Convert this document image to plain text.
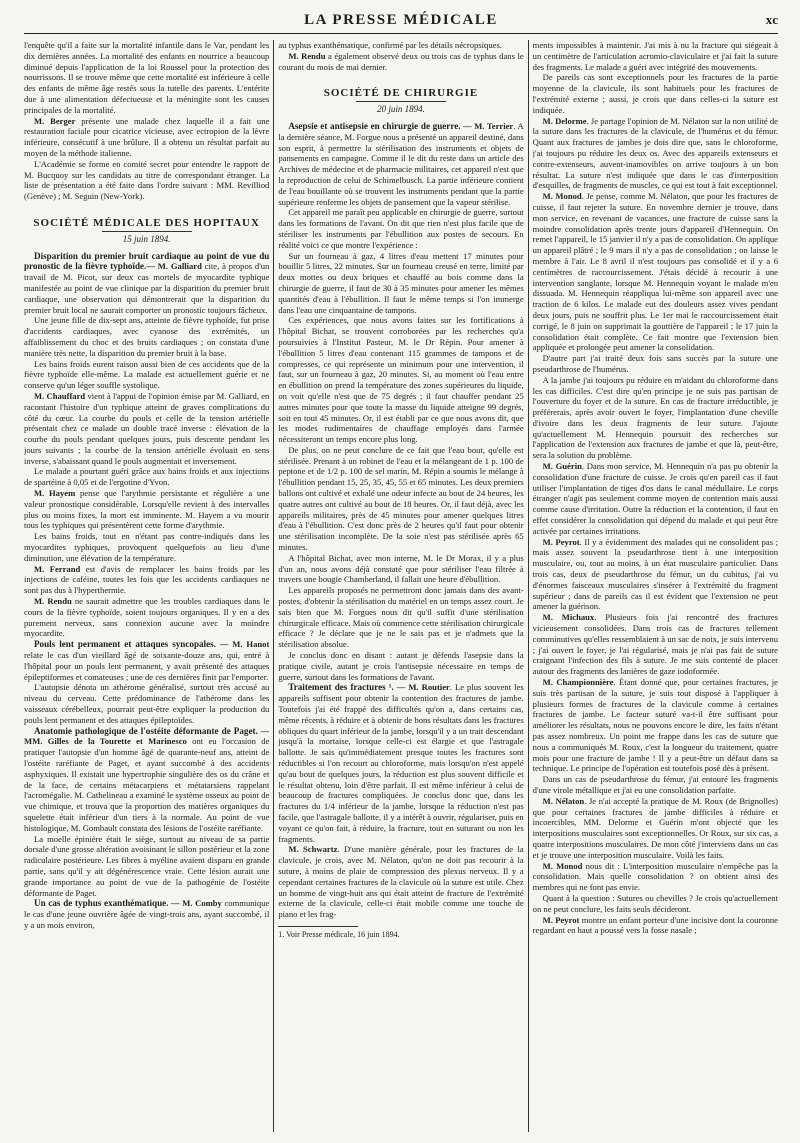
LA PRESSE MÉDICALE	xc

l'enquête qu'il a faite sur la mortalité infantile dans le Var, pendant les dix dernières années. La mortalité des enfants en nourrice a beaucoup diminué depuis l'application de la loi Roussel pour la protection des nourrissons. Il se trouve même que cette mortalité est inférieure à celle des enfants de même âge restés sous la tutelle des parents. L'entérite due à une alimentation défectueuse et la méningite sont les causes principales de la mortalité.

M. Berger présente une malade chez laquelle il a fait une restauration faciale pour cicatrice vicieuse, avec ectropion de la lèvre inférieure, consécutif à une brûlure. Il a obtenu un résultat parfait au moyen de la méthode italienne.

L'Académie se forme en comité secret pour entendre le rapport de M. Bucquoy sur les candidats au titre de correspondant étranger. La liste de présentation a été faite dans l'ordre suivant : MM. Revilliod (Genève) ; M. Seguin (New-York).

SOCIÉTÉ MÉDICALE DES HOPITAUX
15 juin 1894.

Disparition du premier bruit cardiaque au point de vue du pronostic de la fièvre typhoïde.— M. Galliard cite, à propos d'un travail de M. Picot, sur deux cas mortels de myocardite typhique manifestée au point de vue clinique par la disparition du premier bruit cardiaque, une observation qui démontrerait que la disparition du premier bruit local ne saurait comporter un pronostic toujours fâcheux.

Une jeune fille de dix-sept ans, atteinte de fièvre typhoïde, fut prise d'accidents cardiaques, avec cyanose des extrémités, un affaiblissement du choc et des bruits cardiaques ; on constata d'une manière très nette, la disparition du premier bruit à la base.

Les bains froids eurent raison aussi bien de ces accidents que de la fièvre typhoïde elle-même. La malade est actuellement guérie et ne conserve qu'un léger souffle systolique.

M. Chauffard vient à l'appui de l'opinion émise par M. Galliard, en racontant l'histoire d'un typhique atteint de graves complications du côté du cœur. La courbe du pouls et celle de la tension artérielle présentait chez ce malade un double tracé inverse : élévation de la courbe du pouls pendant quelques jours, puis descente pendant les jours suivants ; la courbe de la tension artérielle évoluait en sens inverse, s'abaissant quand le pouls augmentait et inversement.

Le malade a pourtant guéri grâce aux bains froids et aux injections de spartéine à 0,05 et de l'ergotine d'Yvon.

M. Hayem pense que l'arythmie persistante et régulière a une valeur pronostique considérable. Lorsqu'elle revient à des intervalles plus ou moins fixes, la mort est imminente. M. Hayem a vu mourir tous les typhiques qui présentèrent cette forme d'arythmie.

Les bains froids, tout en n'étant pas contre-indiqués dans les myocardites typhiques, provoquent quelquefois au lieu d'une diminution, une élévation de la température.

M. Ferrand est d'avis de remplacer les bains froids par les injections de caféine, toutes les fois que les accidents cardiaques ne sont pas dus à l'hyperthermie.

M. Rendu ne saurait admettre que les troubles cardiaques dans le cours de la fièvre typhoïde, soient toujours organiques. Il y en a des purement nerveux, sans connexion aucune avec la moindre myocardite.

Pouls lent permanent et attaques syncopales. — M. Hanot relate le cas d'un vieillard âgé de soixante-douze ans, qui, entré à l'hôpital pour un pouls lent permanent, y avait présenté des attaques épileptiformes et comateuses ; une de ces dernières finit par l'emporter.

L'autopsie dénota un athérome généralisé, surtout très accusé au niveau du cerveau. Cette prédominance de l'athérome dans les vaisseaux cérébelleux, pourrait peut-être expliquer la production du pouls lent permanent et des attaques épileptoïdes.

Anatomie pathologique de l'ostéite déformante de Paget. — MM. Gilles de la Tourette et Marinesco ont eu l'occasion de pratiquer l'autopsie d'un homme âgé de quarante-neuf ans, atteint de l'ostéite raréfiante de Paget, et ayant succombé à des accidents asphyxiques. Il existait une hypertrophie singulière des os du crâne et de la face, de certains métacarpiens et métatarsiens rappelant l'acromégalie. M. Cathelineau a examiné le système osseux au point de vue chimique, et trouva que la proportion des matières organiques du squelette était inférieur d'un tiers à la normale. Au point de vue histologique, M. Gombault constata des lésions de l'ostéite raréfiante.

La moelle épinière était le siège, surtout au niveau de sa partie dorsale d'une grosse altération avoisinant le sillon postérieur et la zone radiculaire postérieure. Les fibres à myéline avaient disparu en grande partie, sans qu'il y ait dégénérescence vraie. Cette lésion aurait une grande importance au point de vue de la pathogénie de l'ostéite déformante de Paget.

Un cas de typhus exanthématique. — M. Comby communique le cas d'une jeune ouvrière âgée de vingt-trois ans, ayant succombé, il y a un mois environ,

au typhus exanthématique, confirmé par les détails nécropsiques.

M. Rendu a également observé deux ou trois cas de typhus dans le courant du mois de mai dernier.

SOCIÉTÉ DE CHIRURGIE
20 juin 1894.

Asepsie et antisepsie en chirurgie de guerre. — M. Terrier. A la dernière séance, M. Forgue nous a présenté un appareil destiné, dans son esprit, à permettre la stérilisation des instruments et objets de pansements en campagne. Comme il le dit du reste dans un article des Archives de médecine et de pharmacie militaires, cet appareil n'est que la reproduction de celui de Schimelbusch. La partie inférieure contient de l'eau bouillante où se trouvent les instruments pendant que la partie supérieure renferme les objets de pansement que la vapeur stérilise.

Cet appareil me paraît peu applicable en chirurgie de guerre, surtout dans les formations de l'avant. On dit que rien n'est plus facile que de stériliser les instruments par l'ébullition aux postes de secours. En réalité voici ce que montre l'expérience :

Sur un fourneau à gaz, 4 litres d'eau mettent 17 minutes pour bouillir 5 litres, 22 minutes. Sur un fourneau creusé en terre, limité par deux mottes ou deux briques et chauffé au bois comme dans la chirurgie de guerre, il faut de 30 à 35 minutes pour amener les mêmes quantités d'eau à l'ébullition. Il faut le même temps si l'on immerge dans l'eau une cinquantaine de tampons.

Ces expériences, que nous avons faites sur les fortifications à l'hôpital Bichat, se trouvent corroborées par les recherches qu'a poursuivies à l'Institut Pasteur, M. le Dr Répin. Pour amener à l'ébullition 5 litres d'eau contenant 115 grammes de tampons et de compresses, ce qui représente un minimum pour une intervention, il faut, sur un fourneau à gaz, 20 minutes. Si, au moment où l'eau entre en ébullition on prend la température des zones supérieures du liquide, on voit qu'elle n'est que de 75 degrés ; il faut chauffer pendant 25 autres minutes pour que toute la masse du liquide atteigne 99 degrés, soit en tout 45 minutes. Or, il est établi par ce que nous avons dit, que les modes rudimentaires de chauffage employés dans l'armée nécessiteront un temps encore plus long.

De plus, on ne peut conclure de ce fait que l'eau bout, qu'elle est stérilisée. Prenant à un robinet de l'eau et la mélangeant de 1 p. 100 de peptone et de 1/2 p. 100 de sel marin, M. Répin a soumis le mélange à l'ébullition pendant 15, 25, 35, 45, 55 et 65 minutes. Les deux premiers ballons ont cultivé et exhalé une odeur infecte au bout de 24 heures, les quatre autres ont cultivé au bout de 18 heures. Or, il faut déjà, avec les appareils militaires, près de 45 minutes pour amener quelques litres d'eau à l'ébullition. C'est donc près de 2 heures qu'il faut pour obtenir une stérilisation incomplète. De la soie n'est pas stérilisée après 65 minutes.

A l'hôpital Bichat, avec mon interne, M. le Dr Morax, il y a plus d'un an, nous avons déjà constaté que pour stériliser l'eau filtrée à travers une bougie Chamberland, il fallait une heure d'ébullition.

Les appareils proposés ne permettront donc jamais dans des avant-postes, d'obtenir la stérilisation du matériel en un temps assez court. Je sais bien que M. Forgues nous dit qu'il suffit d'une stérilisation chirurgicale efficace. Mais où commence cette stérilisation chirurgicale efficace ? Je déclare que je ne le sais pas et je n'admets que la stérilisation absolue.

Je conclus donc en disant : autant je défends l'asepsie dans la pratique civile, autant je crois l'antisepsie nécessaire en temps de guerre, surtout dans les formations de l'avant.

Traitement des fractures ¹. — M. Routier. Le plus souvent les appareils suffisent pour obtenir la contention des fractures de jambe. Toutefois j'ai été frappé des difficultés qu'on a, dans certains cas, même récents, à réduire et à obtenir de bons résultats dans les fractures obliques du quart inférieur de la jambe, lorsqu'il y a un trait descendant jusqu'à la mortaise, lorsque celle-ci est élargie et que l'astragale ballotte. Je sais qu'immédiatement presque toutes les fractures sont réductibles si l'on recourt au chloroforme, mais lorsqu'on n'est appelé qu'au bout de quelques jours, la réduction est plus souvent difficile et le résultat obtenu, loin d'être parfait. Il est même inférieur à celui de beaucoup de fractures compliquées. Je conclus donc que, dans les fractures du 1/4 inférieur de la jambe, lorsque la réduction n'est pas facile, que l'astragale ballotte, il y a intérêt à ouvrir, régulariser, puis en voyant ce qu'on fait, à réduire, la fracture, tout en suturant ou non les fragments.

M. Schwartz. D'une manière générale, pour les fractures de la clavicule, je crois, avec M. Nélaton, qu'on ne doit pas recourir à la suture, à moins de plaie de compression des plexus nerveux. Il y a cependant certaines fractures de la clavicule où la suture est utile. Chez un homme de vingt-huit ans qui était atteint de fracture de l'extrémité externe de la clavicule, celle-ci était mobile comme une touche de piano et les frag-

1. Voir Presse médicale, 16 juin 1894.

ments impossibles à maintenir. J'ai mis à nu la fracture qui siégeait à un centimètre de l'articulation acromio-claviculaire et j'ai fait la suture des fragments. Le malade a guéri avec intégrité des mouvements.

De pareils cas sont exceptionnels pour les fractures de la partie moyenne de la clavicule, ils sont habituels pour les fractures de l'extrémité externe ; aussi, je crois que dans celles-ci la suture est indiquée.

M. Delorme. Je partage l'opinion de M. Nélaton sur la non utilité de la suture dans les fractures de la clavicule, de l'humérus et du fémur. Quant aux fractures de jambes je dois dire que, sans le chloroforme, j'ai toujours pu réduire les deux os. Avec des appareils extenseurs et contre-extenseurs, auvent-inamovibles on arrive toujours à un bon résultat. La suture n'est indiquée que dans le cas d'interposition d'esquilles, de fragments de muscles, ce qui est tout à fait exceptionnel.

M. Monod. Je pense, comme M. Nélaton, que pour les fractures de cuisse, il faut rejeter la suture. En novembre dernier je trouve, dans mon service, en revenant de vacances, une fracture de cuisse sans la moindre consolidation après trente jours d'appareil d'Hennequin. On remet l'appareil, le 15 janvier il n'y a pas de consolidation. On applique un appareil plâtré ; le 9 mars il n'y a pas de consolidation ; on laisse le membre à l'air. Le 8 avril il n'est toujours pas consolidé et il y a 6 centimètres de raccourcissement. J'étais décidé à recourir à une intervention sanglante, lorsque M. Hennequin voyant le malade m'en dissuada. M. Hennequin réappliqua lui-même son appareil avec une traction de 6 kilos. Le malade eut des douleurs assez vives pendant deux jours, puis ne souffrit plus. Le 1er mai le raccourcissement était corrigé, le 8 juin on supprimait la gouttière de l'appareil ; le 17 juin la consolidation était complète. Ce fait montre que l'extension bien appliquée et prolongée peut amener la consolidation.

D'autre part j'ai traité deux fois sans succès par la suture une pseudarthrose de l'humérus.

A la jambe j'ai toujours pu réduire en m'aidant du chloroforme dans les cas difficiles. C'est dire qu'en principe je ne suis pas partisan de l'ouverture du foyer et de la suture. En cas de fracture irréductible, je préférerais, après avoir ouvert le foyer, l'implantation d'une cheville d'ivoire dans les deux fragments de leur suture. J'ajoute qu'actuellement M. Hennequin poursuit des recherches sur l'application de l'extension aux fractures de jambe et que là, peut-être, sera la solution du problème.

M. Guérin. Dans mon service, M. Hennequin n'a pas pu obtenir la consolidation d'une fracture de cuisse. Je crois qu'en pareil cas il faut utiliser l'implantation de tiges d'os dans le canal médullaire. Le corps étranger n'agit pas seulement comme moyen de contention mais aussi comme cause d'irritation. Outre la réduction et la contention, il faut en effet considérer la consolidation qui dépend du malade et qui peut être activée par certaines irritations.

M. Peyrot. Il y a évidemment des malades qui ne consolident pas ; mais assez souvent la pseudarthrose tient à une interposition musculaire, ou, tout au moins, à un état musculaire particulier. Dans trois cas, deux de pseudarthrose du fémur, un du cubitus, j'ai vu d'énormes faisceaux musculaires s'insérer à l'extrémité du fragment supérieur ; dans de pareils cas il est évident que l'extension ne peut amener la guérison.

M. Michaux. Plusieurs fois j'ai rencontré des fractures vicieusement consolidées. Dans trois cas de fractures tellement comminutives qu'elles ressemblaient à un sac de noix, je suis intervenu ; j'ai ouvert le foyer, je l'ai régularisé, mais je n'ai pas fait de suture craignant l'infection des fils à suture. Je me suis contenté de placer autour des fragments des lanières de gaze iodoformée.

M. Championnière. Étant donné que, pour certaines fractures, je suis très partisan de la suture, je suis tout disposé à l'appliquer à plusieurs formes de fractures de la clavicule comme à certaines fractures de jambe. Le facteur suturé va-t-il être suffisant pour améliorer les résultats, nous ne pouvons encore le dire, les faits n'étant pas assez nombreux. Un point me frappe dans les cas de suture que nous a communiqués M. Roux, c'est la longueur du traitement, quatre mois pour une fracture de jambe ! Il y a peut-être un défaut dans sa technique. Le principe de l'opération est toutefois posé dès à présent.

Dans un cas de pseudarthrose du fémur, j'ai entouré les fragments d'une virole métallique et j'ai eu une consolidation parfaite.

M. Nélaton. Je n'ai accepté la pratique de M. Roux (de Brignolles) que pour certaines fractures de jambe difficiles à réduire et incoercibles, MM. Delorme et Guérin m'ont objecté que les interpositions musculaires sont exceptionnelles. Or Roux, sur six cas, a quatre interpositions musculaires. De mon côté j'interviens dans un cas et je trouve une interposition musculaire. Voilà les faits.

M. Monod nous dit : L'interposition musculaire n'empêche pas la consolidation. Mais quelle consolidation ? on obtient ainsi des membres qui ne font pas envie.

Quant à la question : Sutures ou chevilles ? Je crois qu'actuellement on ne peut conclure, les faits seuls décideront.

M. Peyrot montre un enfant porteur d'une incisive dont la couronne regardant en haut a poussé vers la fosse nasale ;
